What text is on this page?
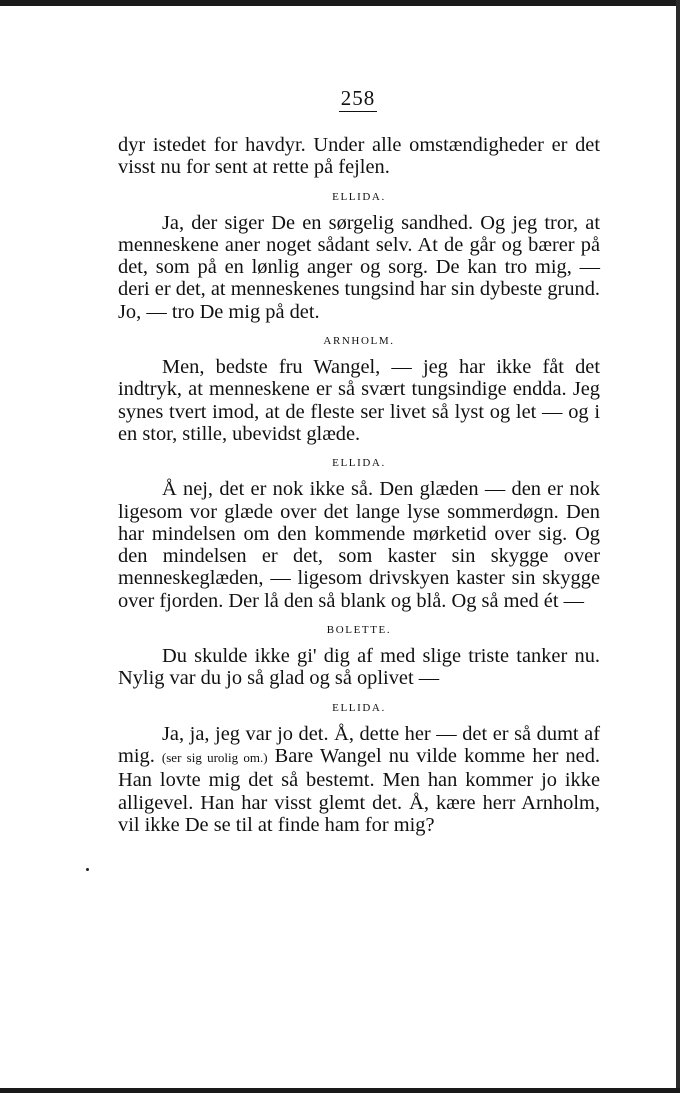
258

dyr istedet for havdyr. Under alle omstændigheder er det visst nu for sent at rette på fejlen.

ELLIDA.

Ja, der siger De en sørgelig sandhed. Og jeg tror, at menneskene aner noget sådant selv. At de går og bærer på det, som på en lønlig anger og sorg. De kan tro mig, — deri er det, at menneskenes tungsind har sin dybeste grund. Jo, — tro De mig på det.

ARNHOLM.

Men, bedste fru Wangel, — jeg har ikke fåt det indtryk, at menneskene er så svært tungsindige endda. Jeg synes tvert imod, at de fleste ser livet så lyst og let — og i en stor, stille, ubevidst glæde.

ELLIDA.

Å nej, det er nok ikke så. Den glæden — den er nok ligesom vor glæde over det lange lyse sommerdøgn. Den har mindelsen om den kommende mørketid over sig. Og den mindelsen er det, som kaster sin skygge over menneskeglæden, — ligesom drivskyen kaster sin skygge over fjorden. Der lå den så blank og blå. Og så med ét —

BOLETTE.

Du skulde ikke gi' dig af med slige triste tanker nu. Nylig var du jo så glad og så oplivet —

ELLIDA.

Ja, ja, jeg var jo det. Å, dette her — det er så dumt af mig. (ser sig urolig om.) Bare Wangel nu vilde komme her ned. Han lovte mig det så bestemt. Men han kommer jo ikke alligevel. Han har visst glemt det. Å, kære herr Arnholm, vil ikke De se til at finde ham for mig?
